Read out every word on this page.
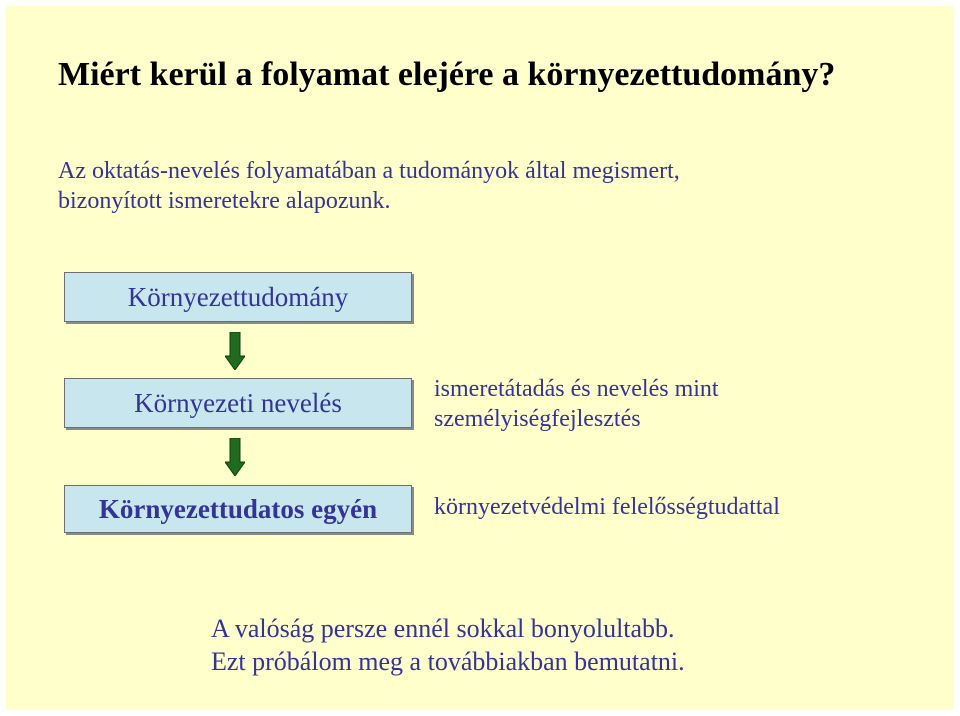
Miért kerül a folyamat elejére a környezettudomány?
Az oktatás-nevelés folyamatában a tudományok által megismert,
bizonyított ismeretekre alapozunk.
Környezettudomány
Környezeti nevelés
Környezettudatos egyén
ismeretátadás és nevelés mint
személyiségfejlesztés
környezetvédelmi felelősségtudattal
A valóság persze ennél sokkal bonyolultabb.
Ezt próbálom meg a továbbiakban bemutatni.
